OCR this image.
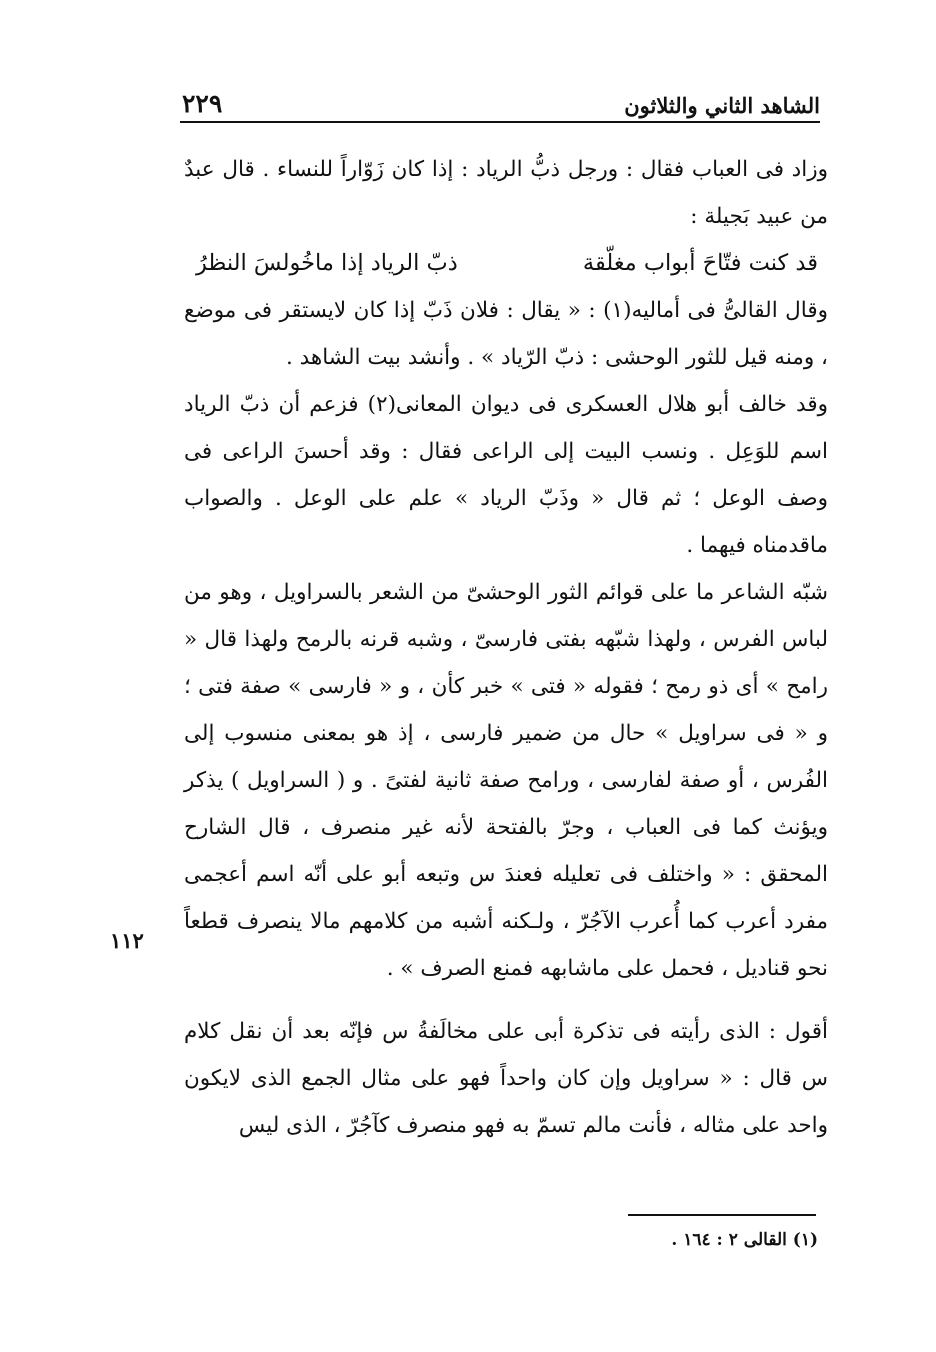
الشاهد الثاني والثلاثون
٢٢٩

وزاد فى العباب فقال : ورجل ذبُّ الرياد : إذا كان زَوّاراً للنساء . قال عبدٌ من عبيد بَجيلة :

قد كنت فتّاحَ أبواب مغلّقة
ذبّ الرياد إذا ماخُولسَ النظرُ

وقال القالىُّ فى أماليه(١) : « يقال : فلان ذَبّ إذا كان لايستقر فى موضع ، ومنه قيل للثور الوحشى : ذبّ الرّياد » . وأنشد بيت الشاهد .

وقد خالف أبو هلال العسكرى فى ديوان المعانى(٢) فزعم أن ذبّ الرياد اسم للوَعِل . ونسب البيت إلى الراعى فقال : وقد أحسنَ الراعى فى وصف الوعل ؛ ثم قال « وذَبّ الرياد » علم على الوعل . والصواب ماقدمناه فيهما .

شبّه الشاعر ما على قوائم الثور الوحشىّ من الشعر بالسراويل ، وهو من لباس الفرس ، ولهذا شبّهه بفتى فارسىّ ، وشبه قرنه بالرمح ولهذا قال « رامح » أى ذو رمح ؛ فقوله « فتى » خبر كأن ، و « فارسى » صفة فتى ؛ و « فى سراويل » حال من ضمير فارسى ، إذ هو بمعنى منسوب إلى الفُرس ، أو صفة لفارسى ، ورامح صفة ثانية لفتىً . و ( السراويل ) يذكر ويؤنث كما فى العباب ، وجرّ بالفتحة لأنه غير منصرف ، قال الشارح المحقق : « واختلف فى تعليله فعندَ س وتبعه أبو على أنّه اسم أعجمى مفرد أعرب كما أُعرب الآجُرّ ، ولـكنه أشبه من كلامهم مالا ينصرف قطعاً نحو قناديل ، فحمل على ماشابهه فمنع الصرف » .

أقول : الذى رأيته فى تذكرة أبى على مخالَفةُ س فإنّه بعد أن نقل كلام س قال : « سراويل وإن كان واحداً فهو على مثال الجمع الذى لايكون واحد على مثاله ، فأنت مالم تسمّ به فهو منصرف كآجُرّ ، الذى ليس

١١٢
(١) القالى ٢ : ١٦٤ .
